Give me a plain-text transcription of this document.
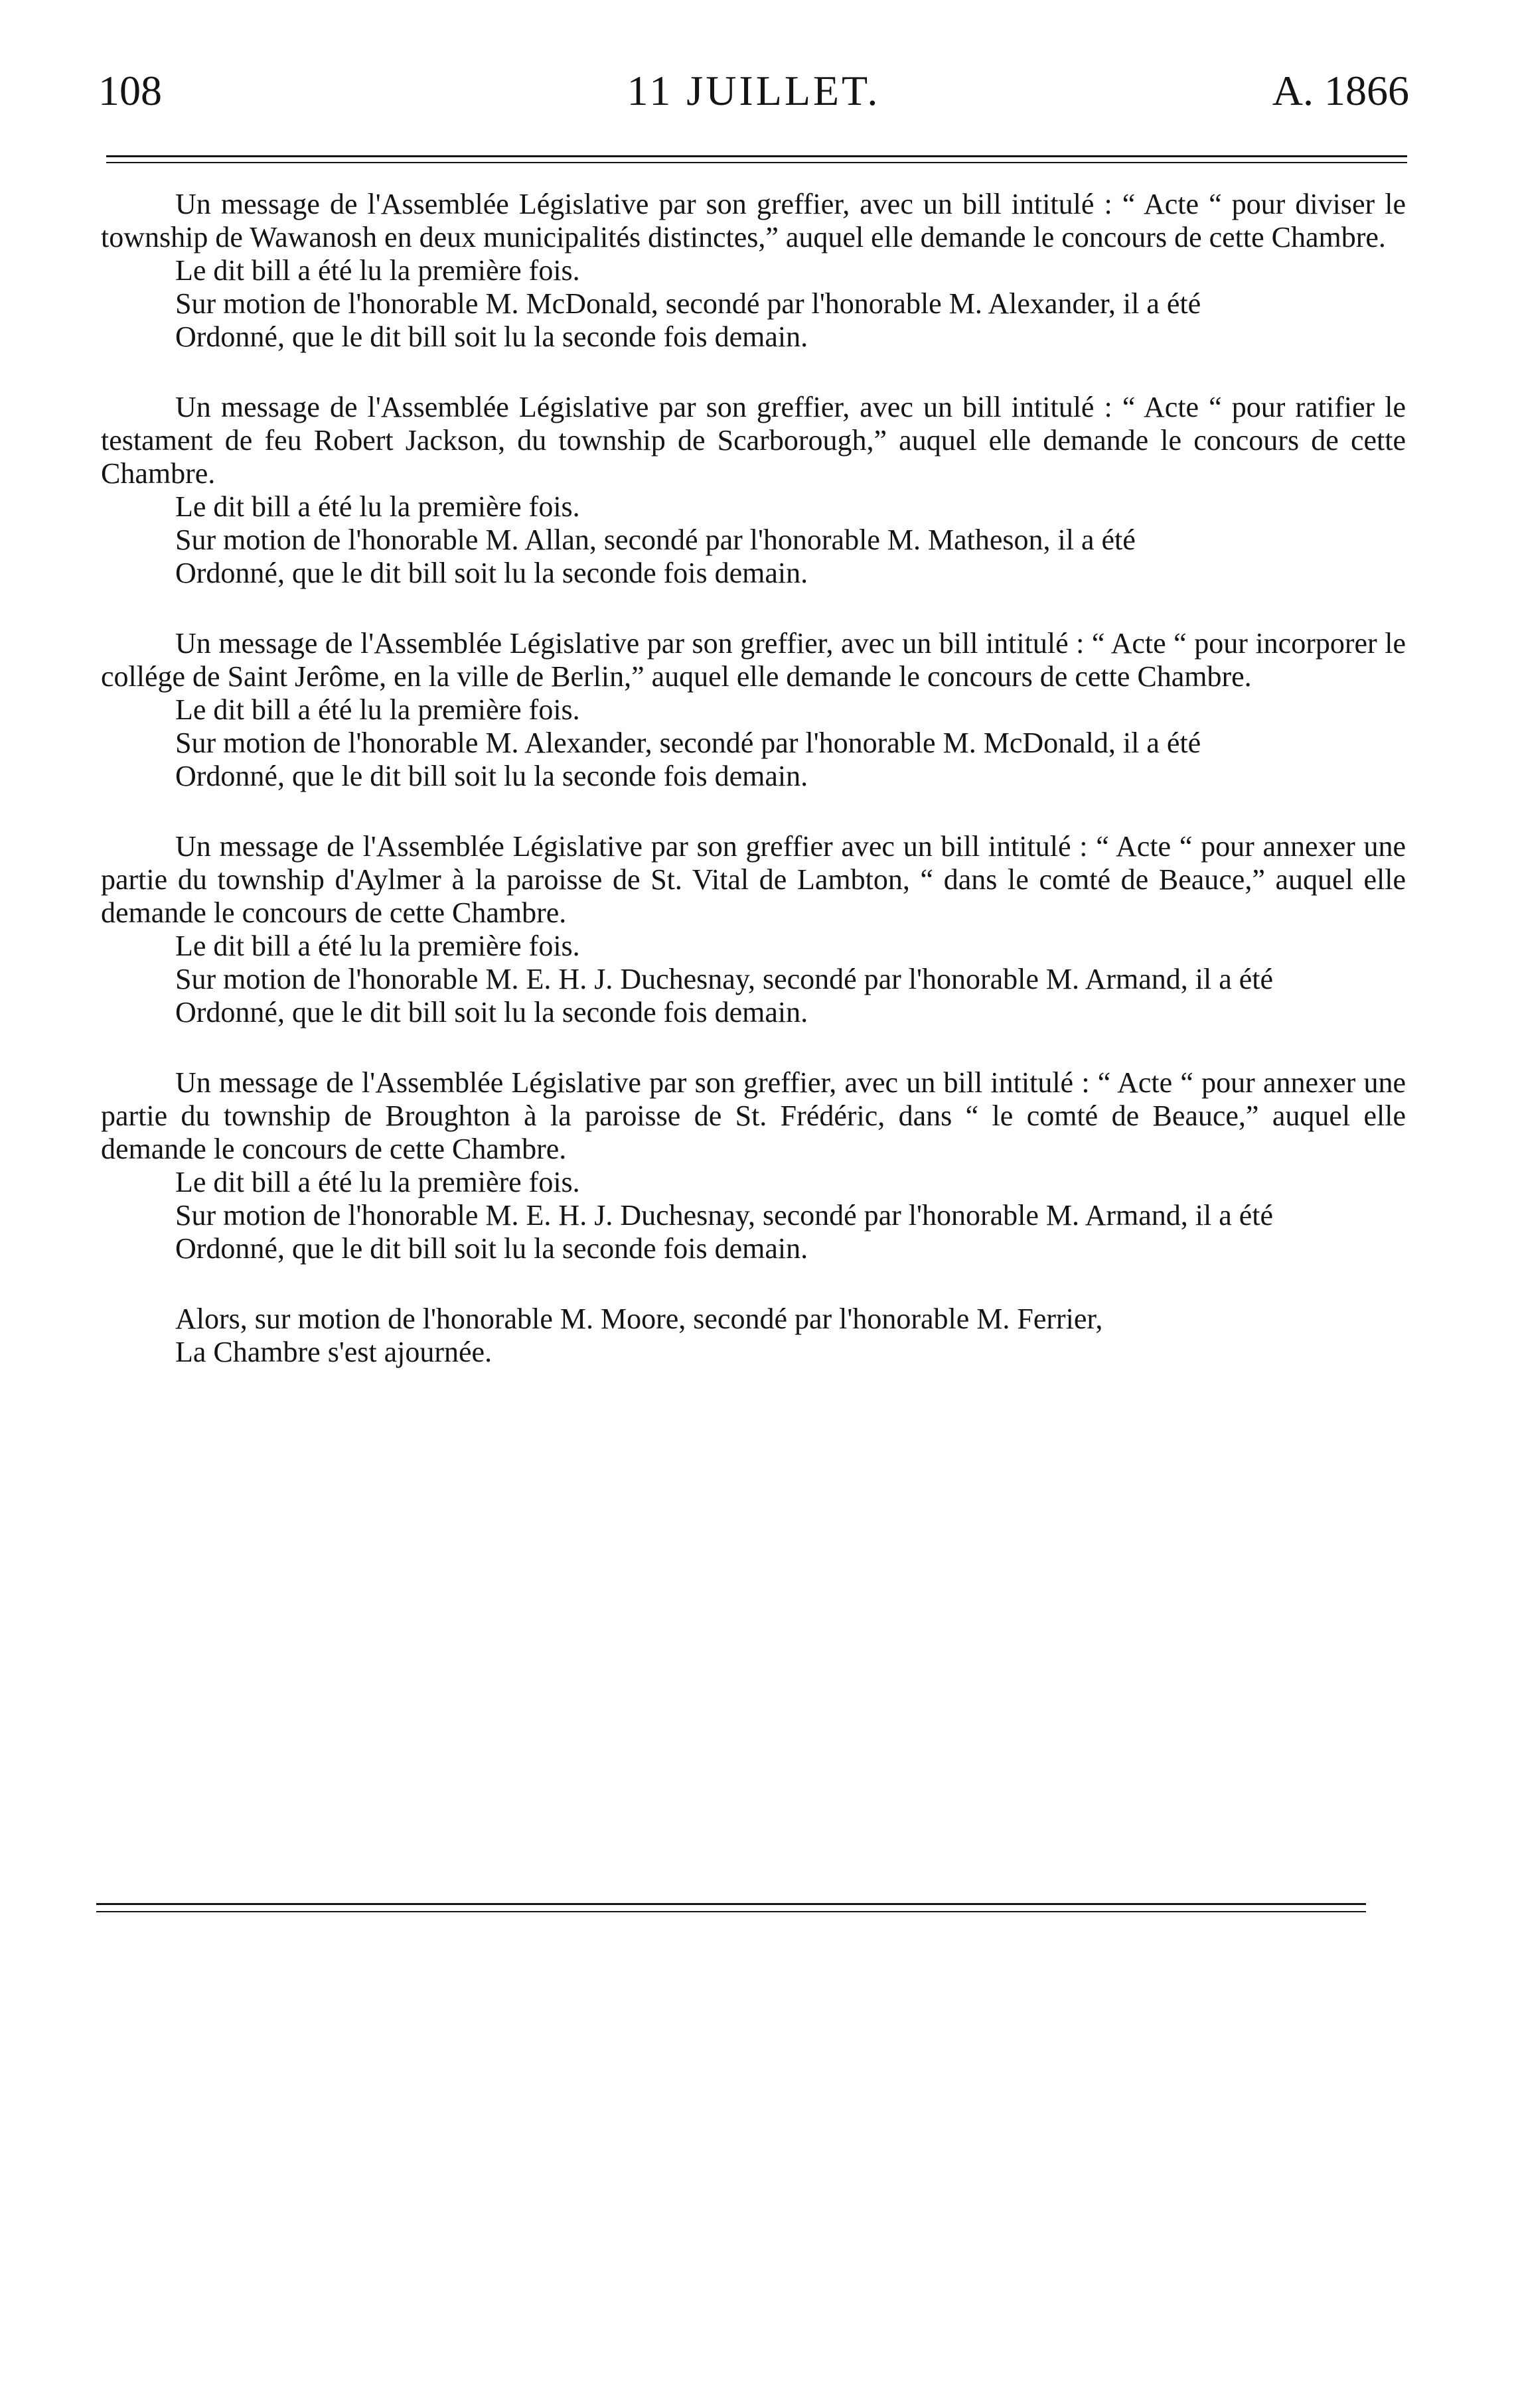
108	11 JUILLET.	A. 1866

Un message de l'Assemblée Législative par son greffier, avec un bill intitulé : “ Acte “ pour diviser le township de Wawanosh en deux municipalités distinctes,” auquel elle demande le concours de cette Chambre.

Le dit bill a été lu la première fois.

Sur motion de l'honorable M. McDonald, secondé par l'honorable M. Alexander, il a été

Ordonné, que le dit bill soit lu la seconde fois demain.

Un message de l'Assemblée Législative par son greffier, avec un bill intitulé : “ Acte “ pour ratifier le testament de feu Robert Jackson, du township de Scarborough,” auquel elle demande le concours de cette Chambre.

Le dit bill a été lu la première fois.

Sur motion de l'honorable M. Allan, secondé par l'honorable M. Matheson, il a été

Ordonné, que le dit bill soit lu la seconde fois demain.

Un message de l'Assemblée Législative par son greffier, avec un bill intitulé : “ Acte “ pour incorporer le collége de Saint Jerôme, en la ville de Berlin,” auquel elle demande le concours de cette Chambre.

Le dit bill a été lu la première fois.

Sur motion de l'honorable M. Alexander, secondé par l'honorable M. McDonald, il a été

Ordonné, que le dit bill soit lu la seconde fois demain.

Un message de l'Assemblée Législative par son greffier avec un bill intitulé : “ Acte “ pour annexer une partie du township d'Aylmer à la paroisse de St. Vital de Lambton, “ dans le comté de Beauce,” auquel elle demande le concours de cette Chambre.

Le dit bill a été lu la première fois.

Sur motion de l'honorable M. E. H. J. Duchesnay, secondé par l'honorable M. Armand, il a été

Ordonné, que le dit bill soit lu la seconde fois demain.

Un message de l'Assemblée Législative par son greffier, avec un bill intitulé : “ Acte “ pour annexer une partie du township de Broughton à la paroisse de St. Frédéric, dans “ le comté de Beauce,” auquel elle demande le concours de cette Chambre.

Le dit bill a été lu la première fois.

Sur motion de l'honorable M. E. H. J. Duchesnay, secondé par l'honorable M. Armand, il a été

Ordonné, que le dit bill soit lu la seconde fois demain.

Alors, sur motion de l'honorable M. Moore, secondé par l'honorable M. Ferrier,

La Chambre s'est ajournée.
